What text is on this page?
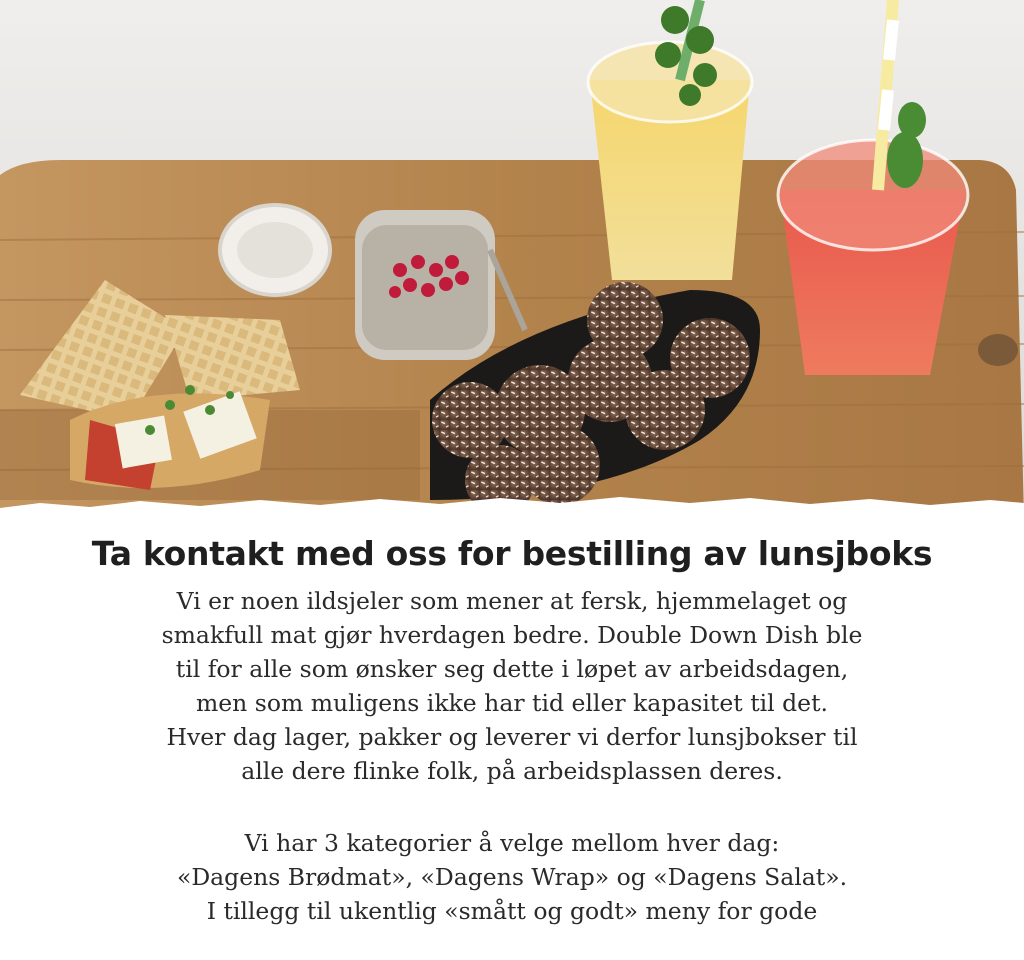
Ta kontakt med oss for bestilling av lunsjboks
Vi er noen ildsjeler som mener at fersk, hjemmelaget og
smakfull mat gjør hverdagen bedre. Double Down Dish ble
til for alle som ønsker seg dette i løpet av arbeidsdagen,
men som muligens ikke har tid eller kapasitet til det.
Hver dag lager, pakker og leverer vi derfor lunsjbokser til
alle dere flinke folk, på arbeidsplassen deres.
Vi har 3 kategorier å velge mellom hver dag:
«Dagens Brødmat», «Dagens Wrap» og «Dagens Salat».
I tillegg til ukentlig «smått og godt» meny for gode
